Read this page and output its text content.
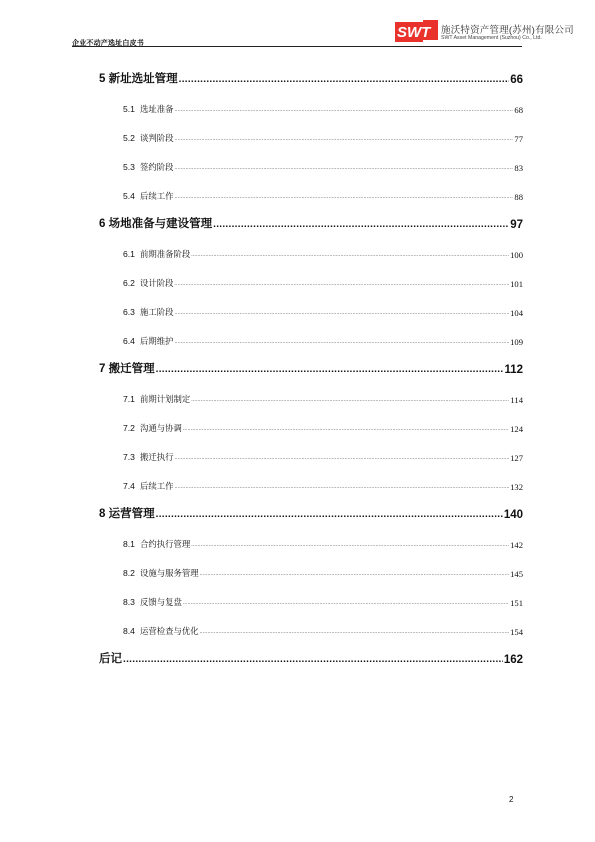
企业不动产选址白皮书
SWT 施沃特资产管理(苏州)有限公司
SWT Asset Management (Suzhou) Co., Ltd.
5 新址选址管理 .....	66
5.1 选址准备 .....	68
5.2 谈判阶段 .....	77
5.3 签约阶段 .....	83
5.4 后续工作 .....	88
6 场地准备与建设管理 .....	97
6.1 前期准备阶段 .....	100
6.2 设计阶段 .....	101
6.3 施工阶段 .....	104
6.4 后期维护 .....	109
7 搬迁管理 .....	112
7.1 前期计划制定 .....	114
7.2 沟通与协调 .....	124
7.3 搬迁执行 .....	127
7.4 后续工作 .....	132
8 运营管理 .....	140
8.1 合约执行管理 .....	142
8.2 设施与服务管理 .....	145
8.3 反馈与复盘 .....	151
8.4 运营检查与优化 .....	154
后记 .....	162
2
